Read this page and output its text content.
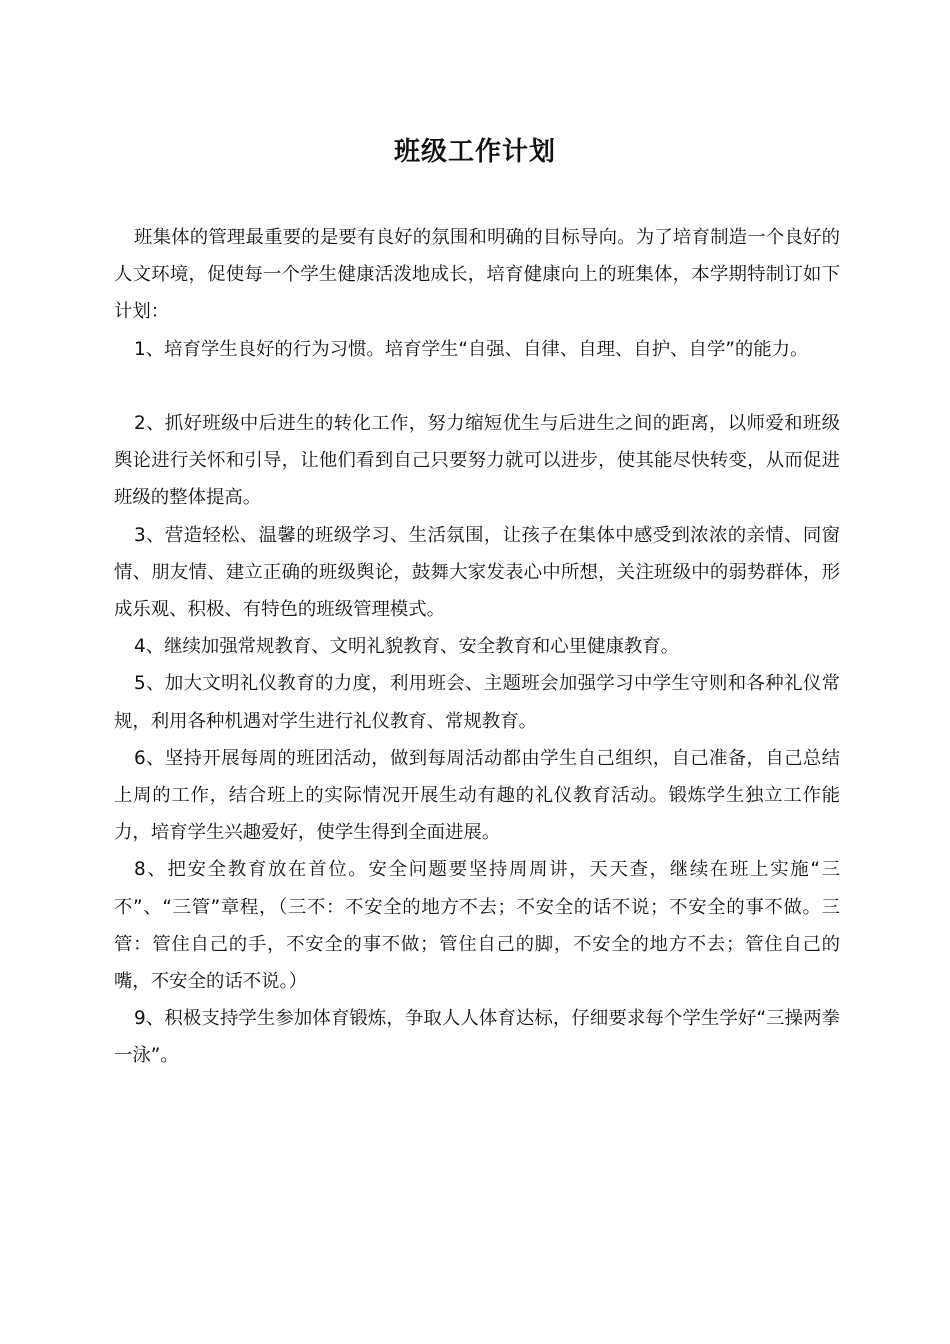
班级工作计划

班集体的管理最重要的是要有良好的氛围和明确的目标导向。为了培育制造一个良好的人文环境，促使每一个学生健康活泼地成长，培育健康向上的班集体，本学期特制订如下计划：

1、培育学生良好的行为习惯。培育学生“自强、自律、自理、自护、自学”的能力。

2、抓好班级中后进生的转化工作，努力缩短优生与后进生之间的距离，以师爱和班级舆论进行关怀和引导，让他们看到自己只要努力就可以进步，使其能尽快转变，从而促进班级的整体提高。

3、营造轻松、温馨的班级学习、生活氛围，让孩子在集体中感受到浓浓的亲情、同窗情、朋友情、建立正确的班级舆论，鼓舞大家发表心中所想，关注班级中的弱势群体，形成乐观、积极、有特色的班级管理模式。

4、继续加强常规教育、文明礼貌教育、安全教育和心里健康教育。

5、加大文明礼仪教育的力度，利用班会、主题班会加强学习中学生守则和各种礼仪常规，利用各种机遇对学生进行礼仪教育、常规教育。

6、坚持开展每周的班团活动，做到每周活动都由学生自己组织，自己准备，自己总结上周的工作，结合班上的实际情况开展生动有趣的礼仪教育活动。锻炼学生独立工作能力，培育学生兴趣爱好，使学生得到全面进展。

8、把安全教育放在首位。安全问题要坚持周周讲，天天查，继续在班上实施“三不”、“三管”章程，（三不：不安全的地方不去；不安全的话不说；不安全的事不做。三管：管住自己的手，不安全的事不做；管住自己的脚，不安全的地方不去；管住自己的嘴，不安全的话不说。）

9、积极支持学生参加体育锻炼，争取人人体育达标，仔细要求每个学生学好“三操两拳一泳”。
